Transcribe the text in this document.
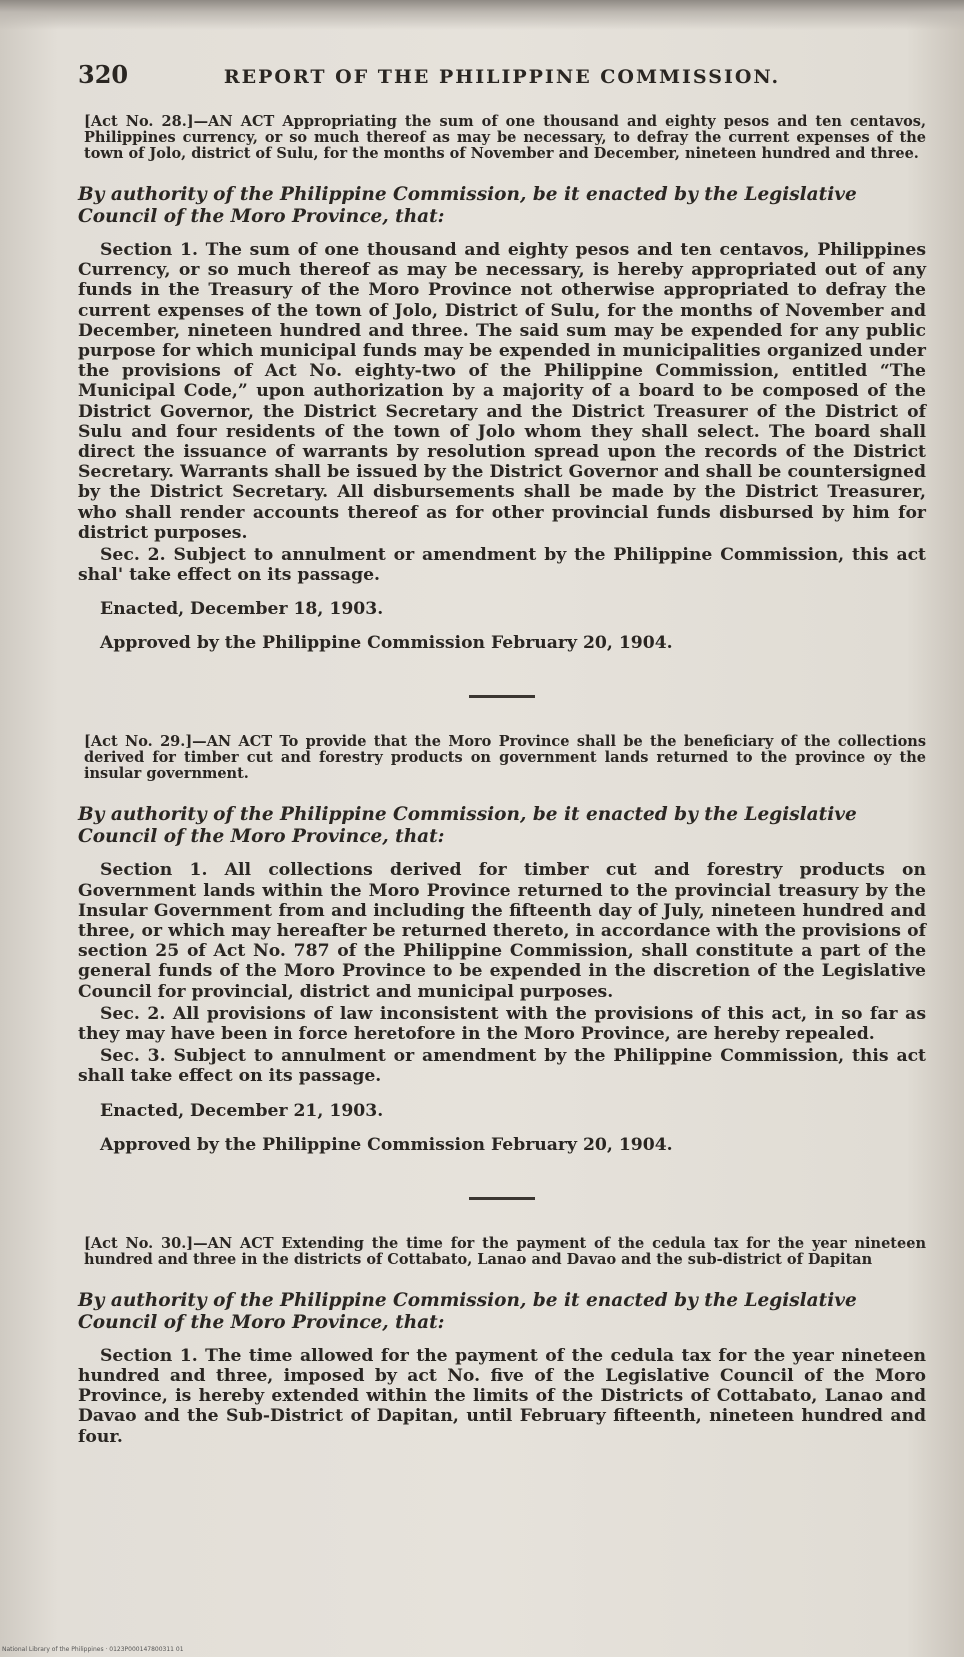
320	REPORT OF THE PHILIPPINE COMMISSION.

[Act No. 28.]—AN ACT Appropriating the sum of one thousand and eighty pesos and ten centavos, Philippines currency, or so much thereof as may be necessary, to defray the current expenses of the town of Jolo, district of Sulu, for the months of November and December, nineteen hundred and three.

By authority of the Philippine Commission, be it enacted by the Legislative
Council of the Moro Province, that:

Section 1. The sum of one thousand and eighty pesos and ten centavos, Philippines Currency, or so much thereof as may be necessary, is hereby appropriated out of any funds in the Treasury of the Moro Province not otherwise appropriated to defray the current expenses of the town of Jolo, District of Sulu, for the months of November and December, nineteen hundred and three. The said sum may be expended for any public purpose for which municipal funds may be expended in municipalities organized under the provisions of Act No. eighty-two of the Philippine Commission, entitled “The Municipal Code,” upon authorization by a majority of a board to be composed of the District Governor, the District Secretary and the District Treasurer of the District of Sulu and four residents of the town of Jolo whom they shall select. The board shall direct the issuance of warrants by resolution spread upon the records of the District Secretary. Warrants shall be issued by the District Governor and shall be countersigned by the District Secretary. All disbursements shall be made by the District Treasurer, who shall render accounts thereof as for other provincial funds disbursed by him for district purposes.

Sec. 2. Subject to annulment or amendment by the Philippine Commission, this act shal' take effect on its passage.

Enacted, December 18, 1903.

Approved by the Philippine Commission February 20, 1904.

[Act No. 29.]—AN ACT To provide that the Moro Province shall be the beneficiary of the collections derived for timber cut and forestry products on government lands returned to the province oy the insular government.

By authority of the Philippine Commission, be it enacted by the Legislative
Council of the Moro Province, that:

Section 1. All collections derived for timber cut and forestry products on Government lands within the Moro Province returned to the provincial treasury by the Insular Government from and including the fifteenth day of July, nineteen hundred and three, or which may hereafter be returned thereto, in accordance with the provisions of section 25 of Act No. 787 of the Philippine Commission, shall constitute a part of the general funds of the Moro Province to be expended in the discretion of the Legislative Council for provincial, district and municipal purposes.

Sec. 2. All provisions of law inconsistent with the provisions of this act, in so far as they may have been in force heretofore in the Moro Province, are hereby repealed.

Sec. 3. Subject to annulment or amendment by the Philippine Commission, this act shall take effect on its passage.

Enacted, December 21, 1903.

Approved by the Philippine Commission February 20, 1904.

[Act No. 30.]—AN ACT Extending the time for the payment of the cedula tax for the year nineteen hundred and three in the districts of Cottabato, Lanao and Davao and the sub-district of Dapitan

By authority of the Philippine Commission, be it enacted by the Legislative
Council of the Moro Province, that:

Section 1. The time allowed for the payment of the cedula tax for the year nineteen hundred and three, imposed by act No. five of the Legislative Council of the Moro Province, is hereby extended within the limits of the Districts of Cottabato, Lanao and Davao and the Sub-District of Dapitan, until February fifteenth, nineteen hundred and four.

National Library of the Philippines · 0123P000147800311 01
